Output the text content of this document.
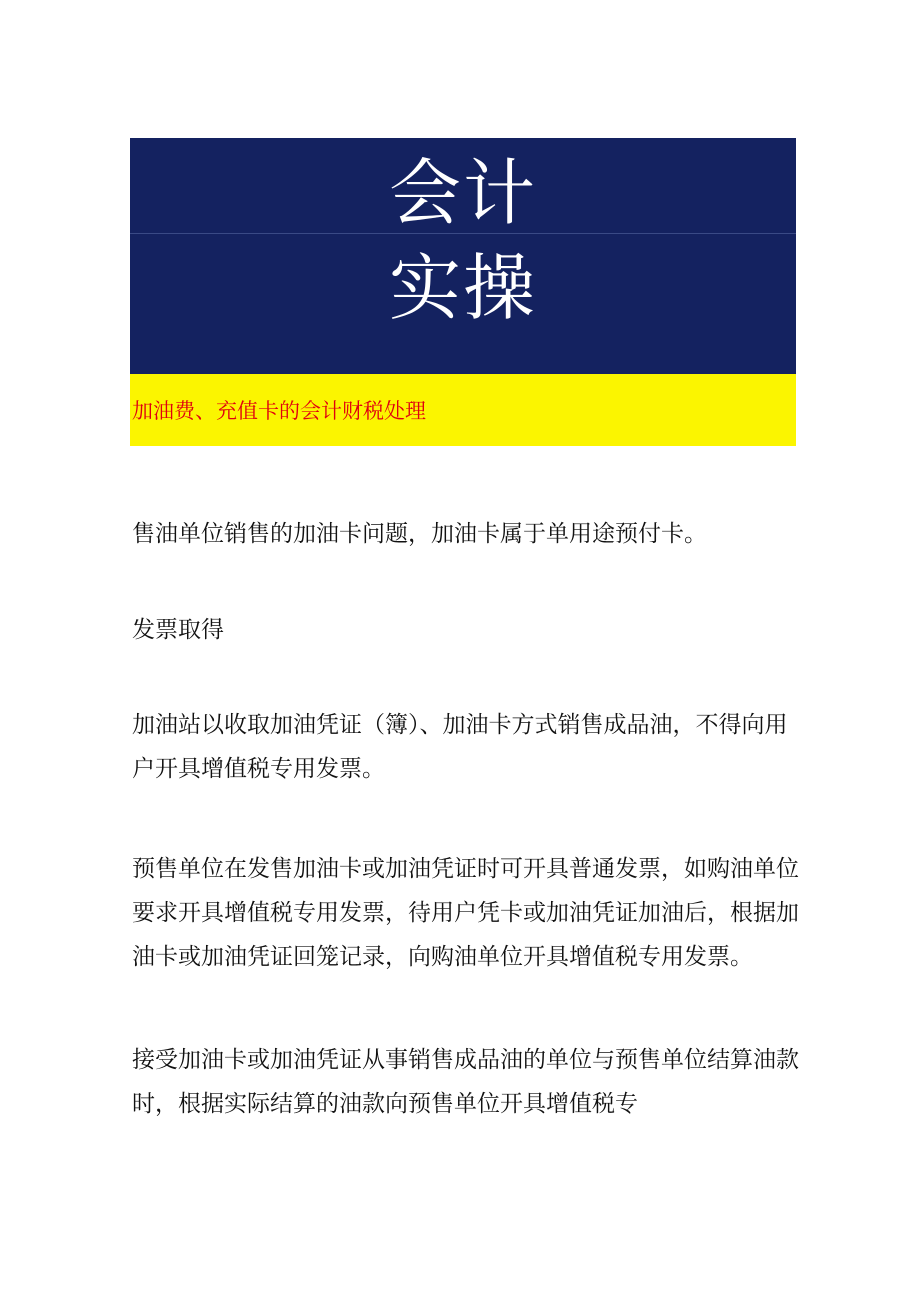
会计
实操
加油费、充值卡的会计财税处理

售油单位销售的加油卡问题，加油卡属于单用途预付卡。

发票取得

加油站以收取加油凭证（簿）、加油卡方式销售成品油，不得向用户开具增值税专用发票。

预售单位在发售加油卡或加油凭证时可开具普通发票，如购油单位要求开具增值税专用发票，待用户凭卡或加油凭证加油后，根据加油卡或加油凭证回笼记录，向购油单位开具增值税专用发票。

接受加油卡或加油凭证从事销售成品油的单位与预售单位结算油款时，根据实际结算的油款向预售单位开具增值税专
